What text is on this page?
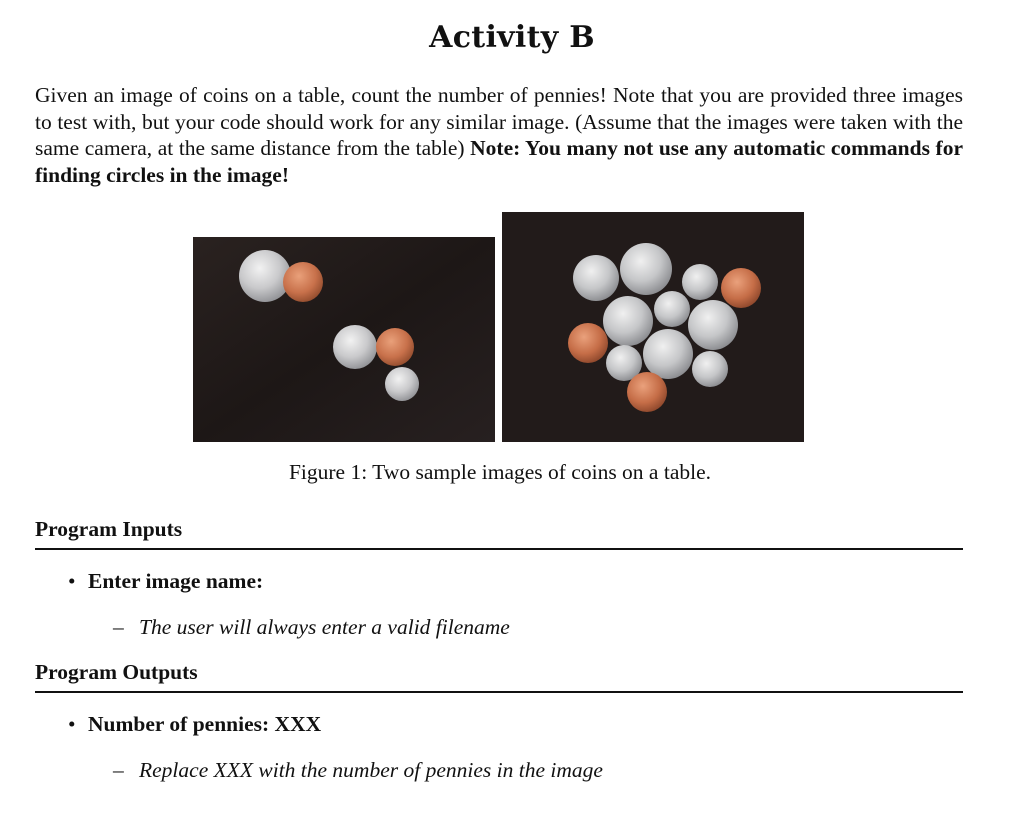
Activity B
Given an image of coins on a table, count the number of pennies! Note that you are provided three images to test with, but your code should work for any similar image. (Assume that the images were taken with the same camera, at the same distance from the table) Note: You many not use any automatic commands for finding circles in the image!
Figure 1: Two sample images of coins on a table.
Program Inputs
• Enter image name:
– The user will always enter a valid filename
Program Outputs
• Number of pennies: XXX
– Replace XXX with the number of pennies in the image
